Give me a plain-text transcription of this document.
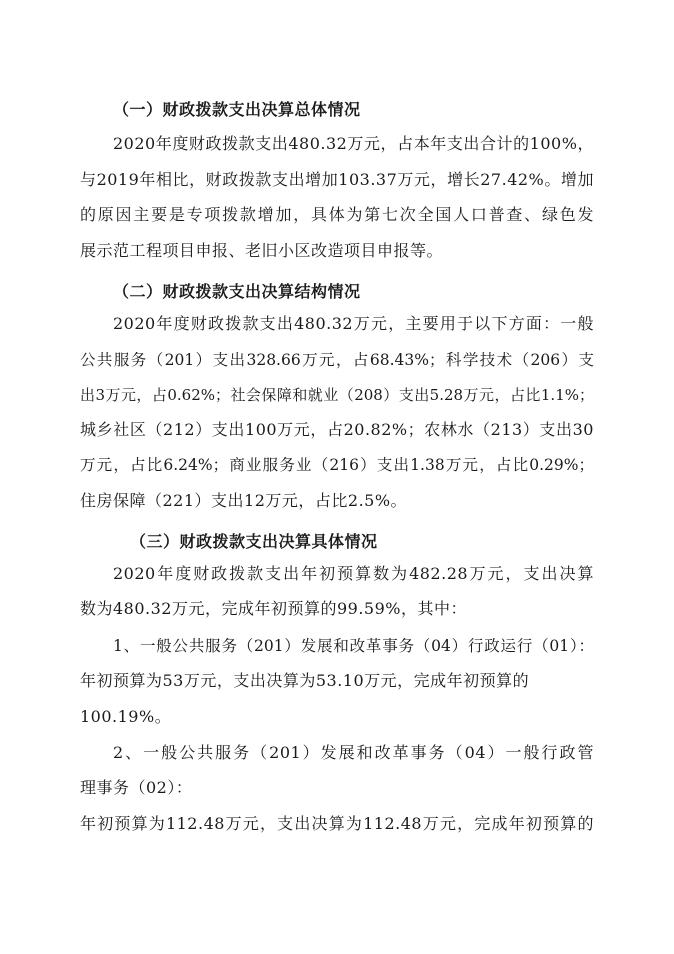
（一）财政拨款支出决算总体情况
2020年度财政拨款支出480.32万元，占本年支出合计的100%，
与2019年相比，财政拨款支出增加103.37万元，增长27.42%。增加
的原因主要是专项拨款增加，具体为第七次全国人口普查、绿色发
展示范工程项目申报、老旧小区改造项目申报等。
（二）财政拨款支出决算结构情况
2020年度财政拨款支出480.32万元，主要用于以下方面：一般
公共服务（201）支出328.66万元，占68.43%；科学技术（206）支
出3万元，占0.62%；社会保障和就业（208）支出5.28万元，占比1.1%；
城乡社区（212）支出100万元，占20.82%；农林水（213）支出30
万元，占比6.24%；商业服务业（216）支出1.38万元，占比0.29%；
住房保障（221）支出12万元，占比2.5%。
（三）财政拨款支出决算具体情况
2020年度财政拨款支出年初预算数为482.28万元，支出决算
数为480.32万元，完成年初预算的99.59%，其中：
1、一般公共服务（201）发展和改革事务（04）行政运行（01）：
年初预算为53万元，支出决算为53.10万元，完成年初预算的
100.19%。
2、一般公共服务（201）发展和改革事务（04）一般行政管
理事务（02）：
年初预算为112.48万元，支出决算为112.48万元，完成年初预算的
